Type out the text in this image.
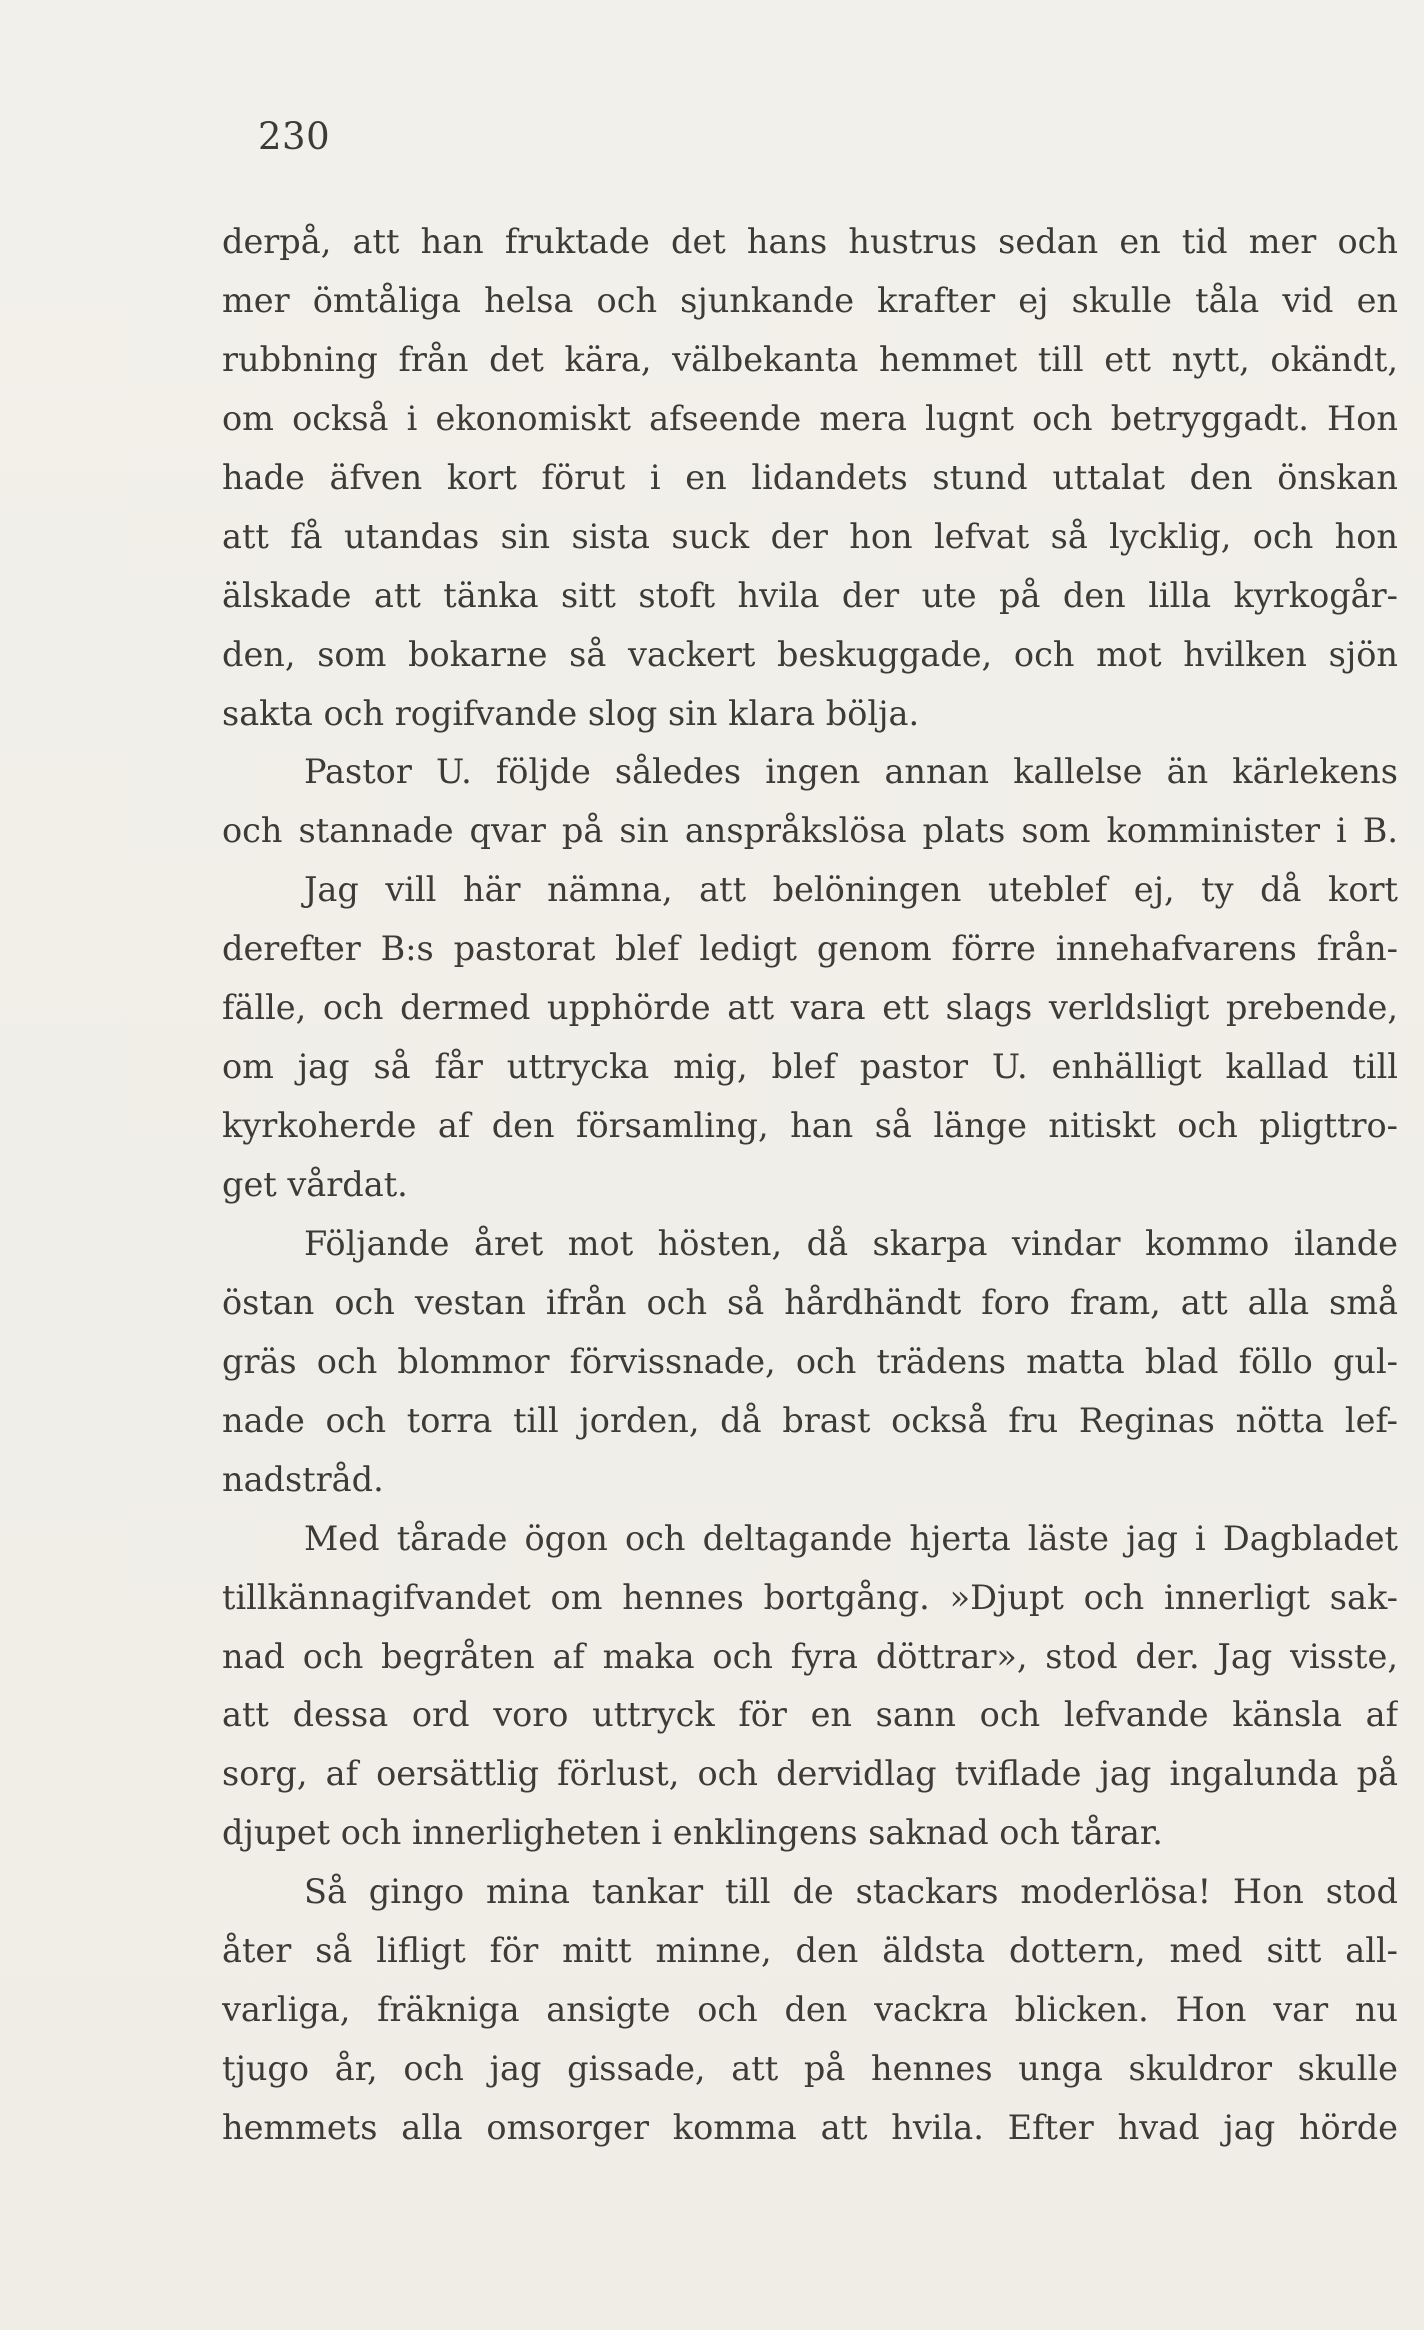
230
derpå, att han fruktade det hans hustrus sedan en tid mer och
mer ömtåliga helsa och sjunkande krafter ej skulle tåla vid en
rubbning från det kära, välbekanta hemmet till ett nytt, okändt,
om också i ekonomiskt afseende mera lugnt och betryggadt. Hon
hade äfven kort förut i en lidandets stund uttalat den önskan
att få utandas sin sista suck der hon lefvat så lycklig, och hon
älskade att tänka sitt stoft hvila der ute på den lilla kyrkogår-
den, som bokarne så vackert beskuggade, och mot hvilken sjön
sakta och rogifvande slog sin klara bölja.
Pastor U. följde således ingen annan kallelse än kärlekens
och stannade qvar på sin anspråkslösa plats som komminister i B.
Jag vill här nämna, att belöningen uteblef ej, ty då kort
derefter B:s pastorat blef ledigt genom förre innehafvarens från-
fälle, och dermed upphörde att vara ett slags verldsligt prebende,
om jag så får uttrycka mig, blef pastor U. enhälligt kallad till
kyrkoherde af den församling, han så länge nitiskt och pligttro-
get vårdat.
Följande året mot hösten, då skarpa vindar kommo ilande
östan och vestan ifrån och så hårdhändt foro fram, att alla små
gräs och blommor förvissnade, och trädens matta blad föllo gul-
nade och torra till jorden, då brast också fru Reginas nötta lef-
nadstråd.
Med tårade ögon och deltagande hjerta läste jag i Dagbladet
tillkännagifvandet om hennes bortgång. »Djupt och innerligt sak-
nad och begråten af maka och fyra döttrar», stod der. Jag visste,
att dessa ord voro uttryck för en sann och lefvande känsla af
sorg, af oersättlig förlust, och dervidlag tviflade jag ingalunda på
djupet och innerligheten i enklingens saknad och tårar.
Så gingo mina tankar till de stackars moderlösa! Hon stod
åter så lifligt för mitt minne, den äldsta dottern, med sitt all-
varliga, fräkniga ansigte och den vackra blicken. Hon var nu
tjugo år, och jag gissade, att på hennes unga skuldror skulle
hemmets alla omsorger komma att hvila. Efter hvad jag hörde
